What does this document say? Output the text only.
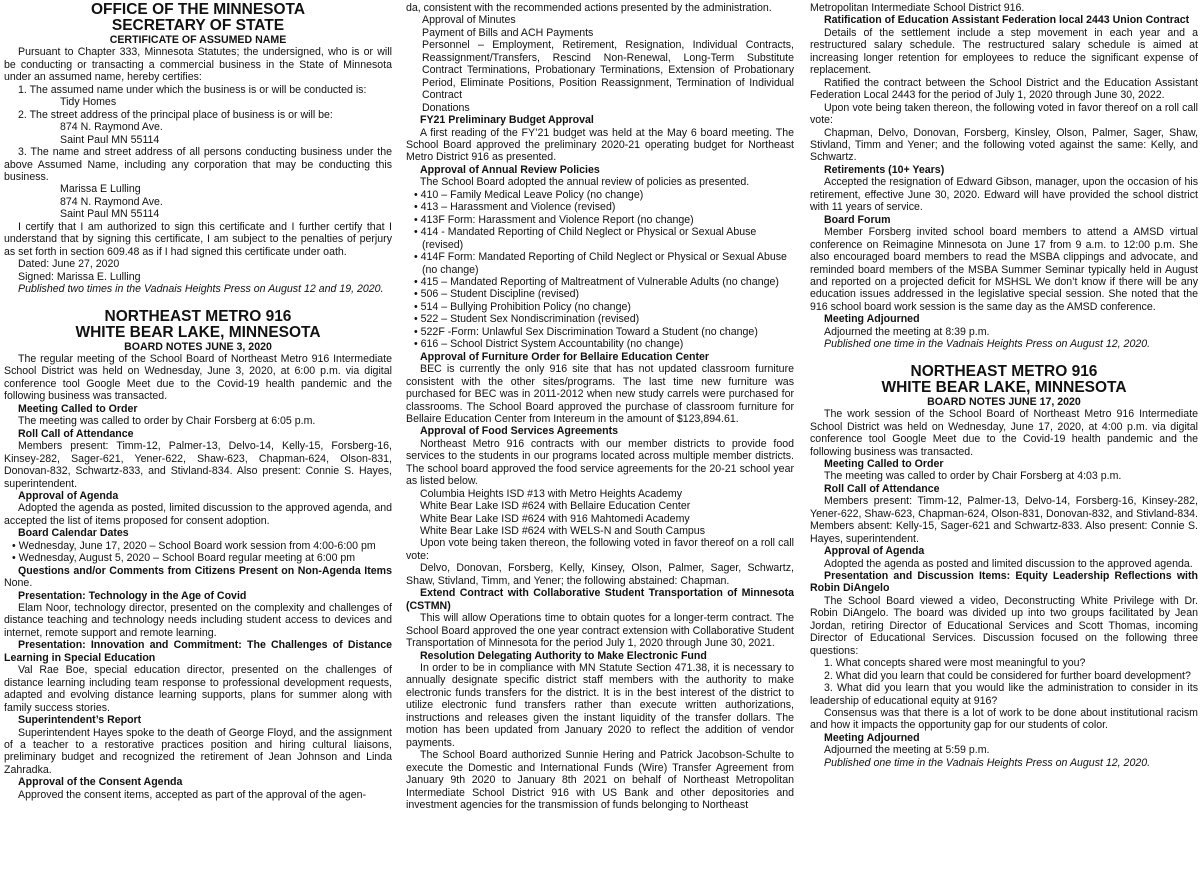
OFFICE OF THE MINNESOTA

SECRETARY OF STATE

CERTIFICATE OF ASSUMED NAME

Pursuant to Chapter 333, Minnesota Statutes; the undersigned, who is or will be conducting or transacting a commercial business in the State of Minnesota under an assumed name, hereby certifies:

1. The assumed name under which the business is or will be conducted is:

Tidy Homes

2. The street address of the principal place of business is or will be:

874 N. Raymond Ave.

Saint Paul MN 55114

3. The name and street address of all persons conducting business under the above Assumed Name, including any corporation that may be conducting this business.

Marissa E Lulling

874 N. Raymond Ave.

Saint Paul MN 55114

I certify that I am authorized to sign this certificate and I further certify that I understand that by signing this certificate, I am subject to the penalties of perjury as set forth in section 609.48 as if I had signed this certificate under oath.

Dated: June 27, 2020

Signed: Marissa E. Lulling

Published two times in the Vadnais Heights Press on August 12 and 19, 2020.

NORTHEAST METRO 916

WHITE BEAR LAKE, MINNESOTA

BOARD NOTES JUNE 3, 2020

The regular meeting of the School Board of Northeast Metro 916 Intermediate School District was held on Wednesday, June 3, 2020, at 6:00 p.m. via digital conference tool Google Meet due to the Covid-19 health pandemic and the following business was transacted.

Meeting Called to Order

The meeting was called to order by Chair Forsberg at 6:05 p.m.

Roll Call of Attendance

Members present: Timm-12, Palmer-13, Delvo-14, Kelly-15, Forsberg-16, Kinsey-282, Sager-621, Yener-622, Shaw-623, Chapman-624, Olson-831, Donovan-832, Schwartz-833, and Stivland-834. Also present: Connie S. Hayes, superintendent.

Approval of Agenda

Adopted the agenda as posted, limited discussion to the approved agenda, and accepted the list of items proposed for consent adoption.

Board Calendar Dates

• Wednesday, June 17, 2020 – School Board work session from 4:00-6:00 pm

• Wednesday, August 5, 2020 – School Board regular meeting at 6:00 pm

Questions and/or Comments from Citizens Present on Non-Agenda Items None.

Presentation: Technology in the Age of Covid

Elam Noor, technology director, presented on the complexity and challenges of distance teaching and technology needs including student access to devices and internet, remote support and remote learning.

Presentation: Innovation and Commitment: The Challenges of Distance Learning in Special Education

Val Rae Boe, special education director, presented on the challenges of distance learning including team response to professional development requests, adapted and evolving distance learning supports, plans for summer along with family success stories.

Superintendent’s Report

Superintendent Hayes spoke to the death of George Floyd, and the assignment of a teacher to a restorative practices position and hiring cultural liaisons, preliminary budget and recognized the retirement of Jean Johnson and Linda Zahradka.

Approval of the Consent Agenda

Approved the consent items, accepted as part of the approval of the agen-

da, consistent with the recommended actions presented by the administration.

Approval of Minutes

Payment of Bills and ACH Payments

Personnel – Employment, Retirement, Resignation, Individual Contracts, Reassignment/Transfers, Rescind Non-Renewal, Long-Term Substitute Contract Terminations, Probationary Terminations, Extension of Probationary Period, Eliminate Positions, Position Reassignment, Termination of Individual Contract

Donations

FY21 Preliminary Budget Approval

A first reading of the FY’21 budget was held at the May 6 board meeting. The School Board approved the preliminary 2020-21 operating budget for Northeast Metro District 916 as presented.

Approval of Annual Review Policies

The School Board adopted the annual review of policies as presented.

• 410 – Family Medical Leave Policy (no change)

• 413 – Harassment and Violence (revised)

• 413F Form: Harassment and Violence Report (no change)

• 414 - Mandated Reporting of Child Neglect or Physical or Sexual Abuse (revised)

• 414F Form: Mandated Reporting of Child Neglect or Physical or Sexual Abuse (no change)

• 415 – Mandated Reporting of Maltreatment of Vulnerable Adults (no change)

• 506 – Student Discipline (revised)

• 514 – Bullying Prohibition Policy (no change)

• 522 – Student Sex Nondiscrimination (revised)

• 522F -Form: Unlawful Sex Discrimination Toward a Student (no change)

• 616 – School District System Accountability (no change)

Approval of Furniture Order for Bellaire Education Center

BEC is currently the only 916 site that has not updated classroom furniture consistent with the other sites/programs. The last time new furniture was purchased for BEC was in 2011-2012 when new study carrels were purchased for classrooms. The School Board approved the purchase of classroom furniture for Bellaire Education Center from Intereum in the amount of $123,894.61.

Approval of Food Services Agreements

Northeast Metro 916 contracts with our member districts to provide food services to the students in our programs located across multiple member districts. The school board approved the food service agreements for the 20-21 school year as listed below.

Columbia Heights ISD #13 with Metro Heights Academy

White Bear Lake ISD #624 with Bellaire Education Center

White Bear Lake ISD #624 with 916 Mahtomedi Academy

White Bear Lake ISD #624 with WELS-N and South Campus

Upon vote being taken thereon, the following voted in favor thereof on a roll call vote:

Delvo, Donovan, Forsberg, Kelly, Kinsey, Olson, Palmer, Sager, Schwartz, Shaw, Stivland, Timm, and Yener; the following abstained: Chapman.

Extend Contract with Collaborative Student Transportation of Minnesota (CSTMN)

This will allow Operations time to obtain quotes for a longer-term contract. The School Board approved the one year contract extension with Collaborative Student Transportation of Minnesota for the period July 1, 2020 through June 30, 2021.

Resolution Delegating Authority to Make Electronic Fund

In order to be in compliance with MN Statute Section 471.38, it is necessary to annually designate specific district staff members with the authority to make electronic funds transfers for the district. It is in the best interest of the district to utilize electronic fund transfers rather than execute written authorizations, instructions and releases given the instant liquidity of the transfer dollars. The motion has been updated from January 2020 to reflect the addition of vendor payments.

The School Board authorized Sunnie Hering and Patrick Jacobson-Schulte to execute the Domestic and International Funds (Wire) Transfer Agreement from January 9th 2020 to January 8th 2021 on behalf of Northeast Metropolitan Intermediate School District 916 with US Bank and other depositories and investment agencies for the transmission of funds belonging to Northeast

Metropolitan Intermediate School District 916.

Ratification of Education Assistant Federation local 2443 Union Contract

Details of the settlement include a step movement in each year and a restructured salary schedule. The restructured salary schedule is aimed at increasing longer retention for employees to reduce the significant expense of replacement.

Ratified the contract between the School District and the Education Assistant Federation Local 2443 for the period of July 1, 2020 through June 30, 2022.

Upon vote being taken thereon, the following voted in favor thereof on a roll call vote:

Chapman, Delvo, Donovan, Forsberg, Kinsley, Olson, Palmer, Sager, Shaw, Stivland, Timm and Yener; and the following voted against the same: Kelly, and Schwartz.

Retirements (10+ Years)

Accepted the resignation of Edward Gibson, manager, upon the occasion of his retirement, effective June 30, 2020. Edward will have provided the school district with 11 years of service.

Board Forum

Member Forsberg invited school board members to attend a AMSD virtual conference on Reimagine Minnesota on June 17 from 9 a.m. to 12:00 p.m. She also encouraged board members to read the MSBA clippings and advocate, and reminded board members of the MSBA Summer Seminar typically held in August and reported on a projected deficit for MSHSL We don’t know if there will be any education issues addressed in the legislative special session. She noted that the 916 school board work session is the same day as the AMSD conference.

Meeting Adjourned

Adjourned the meeting at 8:39 p.m.

Published one time in the Vadnais Heights Press on August 12, 2020.

NORTHEAST METRO 916

WHITE BEAR LAKE, MINNESOTA

BOARD NOTES JUNE 17, 2020

The work session of the School Board of Northeast Metro 916 Intermediate School District was held on Wednesday, June 17, 2020, at 4:00 p.m. via digital conference tool Google Meet due to the Covid-19 health pandemic and the following business was transacted.

Meeting Called to Order

The meeting was called to order by Chair Forsberg at 4:03 p.m.

Roll Call of Attendance

Members present: Timm-12, Palmer-13, Delvo-14, Forsberg-16, Kinsey-282, Yener-622, Shaw-623, Chapman-624, Olson-831, Donovan-832, and Stivland-834. Members absent: Kelly-15, Sager-621 and Schwartz-833. Also present: Connie S. Hayes, superintendent.

Approval of Agenda

Adopted the agenda as posted and limited discussion to the approved agenda.

Presentation and Discussion Items: Equity Leadership Reflections with Robin DiAngelo

The School Board viewed a video, Deconstructing White Privilege with Dr. Robin DiAngelo. The board was divided up into two groups facilitated by Jean Jordan, retiring Director of Educational Services and Scott Thomas, incoming Director of Educational Services. Discussion focused on the following three questions:

1. What concepts shared were most meaningful to you?

2. What did you learn that could be considered for further board development?

3. What did you learn that you would like the administration to consider in its leadership of educational equity at 916?

Consensus was that there is a lot of work to be done about institutional racism and how it impacts the opportunity gap for our students of color.

Meeting Adjourned

Adjourned the meeting at 5:59 p.m.

Published one time in the Vadnais Heights Press on August 12, 2020.
